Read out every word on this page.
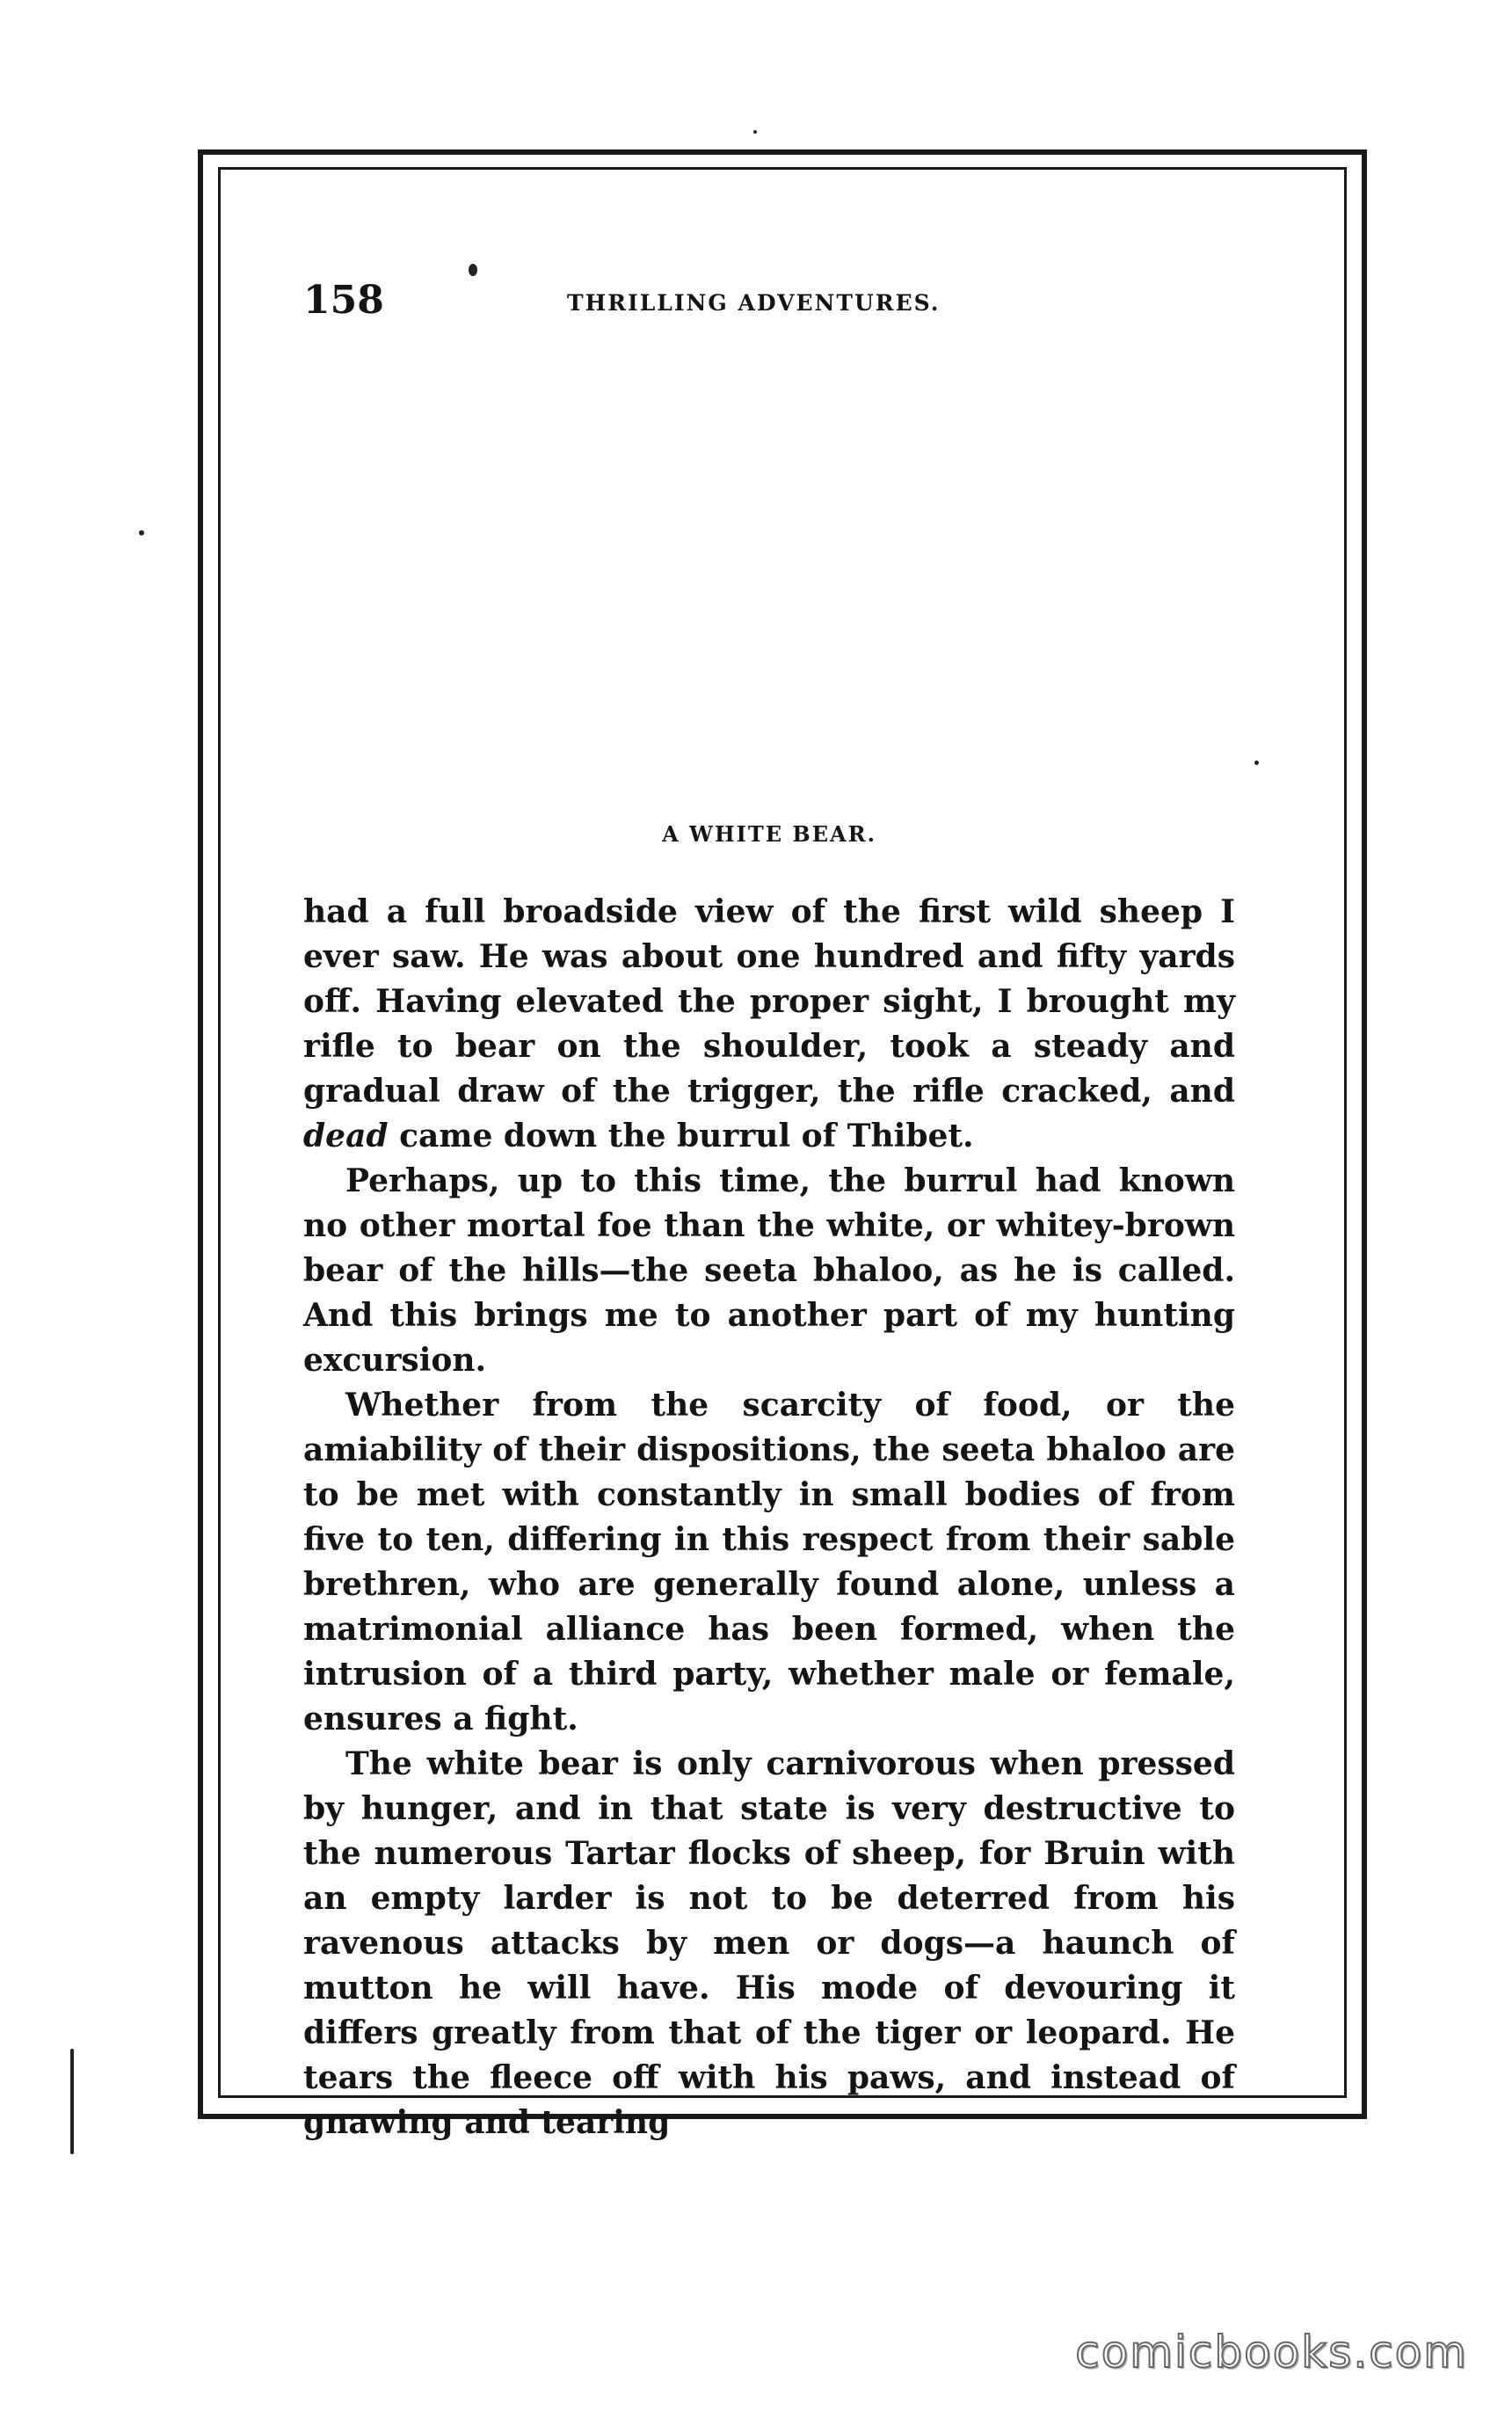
158	THRILLING ADVENTURES.
A WHITE BEAR.

had a full broadside view of the first wild sheep I ever saw. He was about one hundred and fifty yards off. Having elevated the proper sight, I brought my rifle to bear on the shoulder, took a steady and gradual draw of the trigger, the rifle cracked, and dead came down the burrul of Thibet.

Perhaps, up to this time, the burrul had known no other mortal foe than the white, or whitey-brown bear of the hills—the seeta bhaloo, as he is called. And this brings me to another part of my hunting excursion.

Whether from the scarcity of food, or the amiability of their dispositions, the seeta bhaloo are to be met with constantly in small bodies of from five to ten, differing in this respect from their sable brethren, who are generally found alone, unless a matrimonial alliance has been formed, when the intrusion of a third party, whether male or female, ensures a fight.

The white bear is only carnivorous when pressed by hunger, and in that state is very destructive to the numerous Tartar flocks of sheep, for Bruin with an empty larder is not to be deterred from his ravenous attacks by men or dogs—a haunch of mutton he will have. His mode of devouring it differs greatly from that of the tiger or leopard. He tears the fleece off with his paws, and instead of gnawing and tearing

comicbooks.com
